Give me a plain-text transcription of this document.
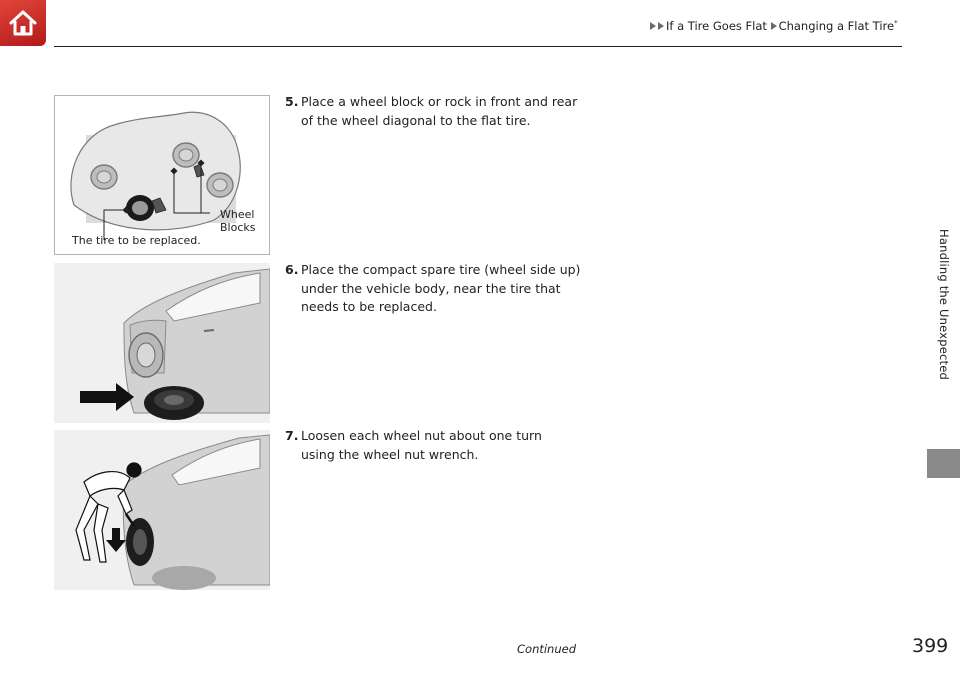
If a Tire Goes Flat Changing a Flat Tire*
Handling the Unexpected
Wheel
Blocks
The tire to be replaced.
5. Place a wheel block or rock in front and rear
of the wheel diagonal to the flat tire.
6. Place the compact spare tire (wheel side up)
under the vehicle body, near the tire that
needs to be replaced.
7. Loosen each wheel nut about one turn
using the wheel nut wrench.
Continued	399
